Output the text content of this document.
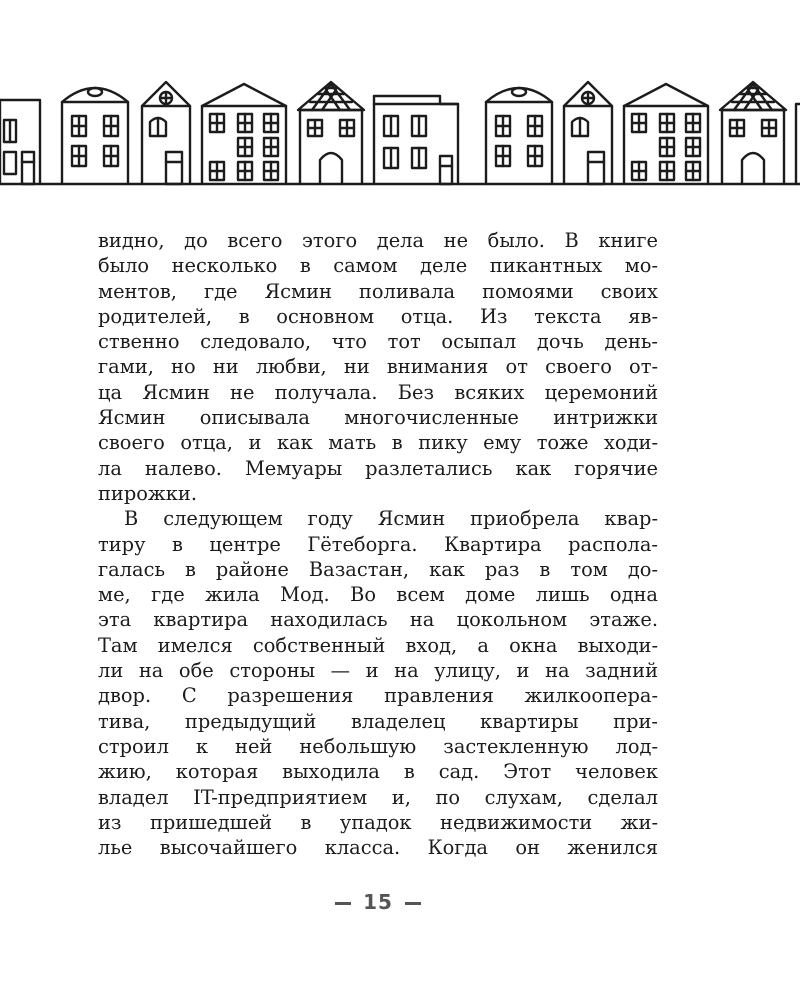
видно, до всего этого дела не было. В книге
было несколько в самом деле пикантных мо-
ментов, где Ясмин поливала помоями своих
родителей, в основном отца. Из текста яв-
ственно следовало, что тот осыпал дочь день-
гами, но ни любви, ни внимания от своего от-
ца Ясмин не получала. Без всяких церемоний
Ясмин описывала многочисленные интрижки
своего отца, и как мать в пику ему тоже ходи-
ла налево. Мемуары разлетались как горячие
пирожки.

В следующем году Ясмин приобрела квар-
тиру в центре Гётеборга. Квартира распола-
галась в районе Вазастан, как раз в том до-
ме, где жила Мод. Во всем доме лишь одна
эта квартира находилась на цокольном этаже.
Там имелся собственный вход, а окна выходи-
ли на обе стороны — и на улицу, и на задний
двор. С разрешения правления жилкоопера-
тива, предыдущий владелец квартиры при-
строил к ней небольшую застекленную лод-
жию, которая выходила в сад. Этот человек
владел IT-предприятием и, по слухам, сделал
из пришедшей в упадок недвижимости жи-
лье высочайшего класса. Когда он женился

15
